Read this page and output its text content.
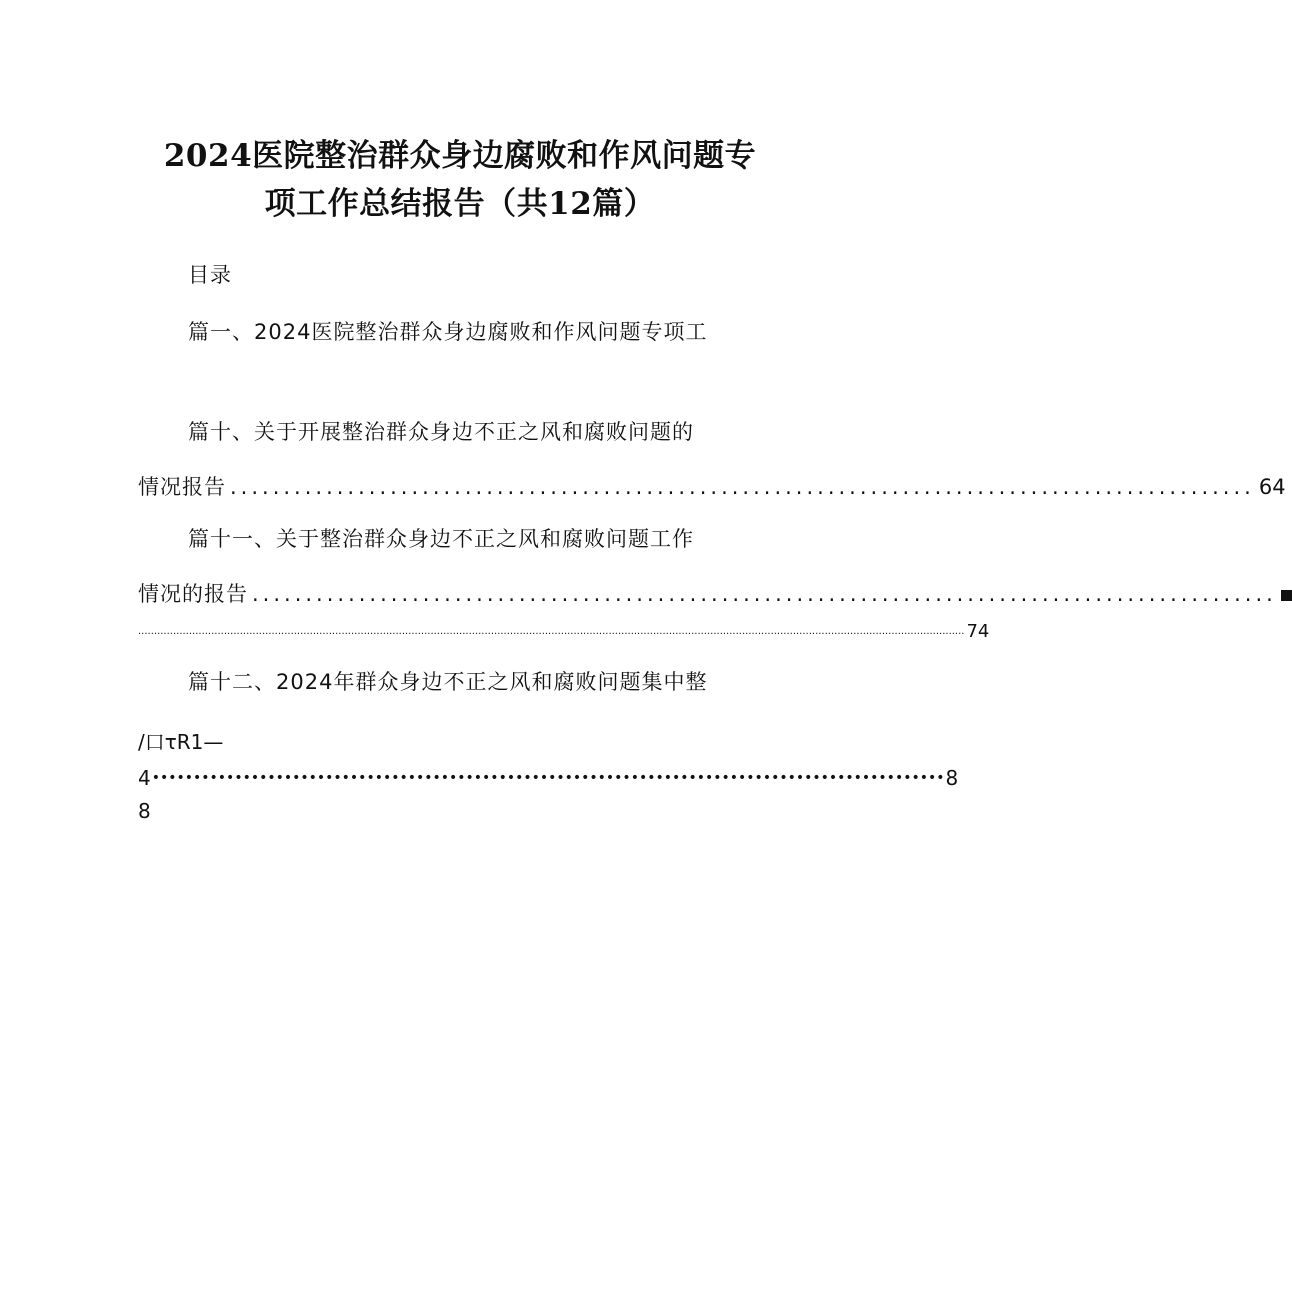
2024医院整治群众身边腐败和作风问题专
项工作总结报告（共12篇）
目录
篇一、2024医院整治群众身边腐败和作风问题专项工
篇十、关于开展整治群众身边不正之风和腐败问题的
情况报告 ................................................................................................ 64
篇十一、关于整治群众身边不正之风和腐败问题工作
情况的报告 ................................................................................................
.................................................................................................................................................................................................................................................................... 74
篇十二、2024年群众身边不正之风和腐败问题集中整
/口τR1—
4 •••••••••••••••••••••••••••••••••••••••••••••••••••••••••••••••••••••••••••••••••••••••••••••••• 8
8
